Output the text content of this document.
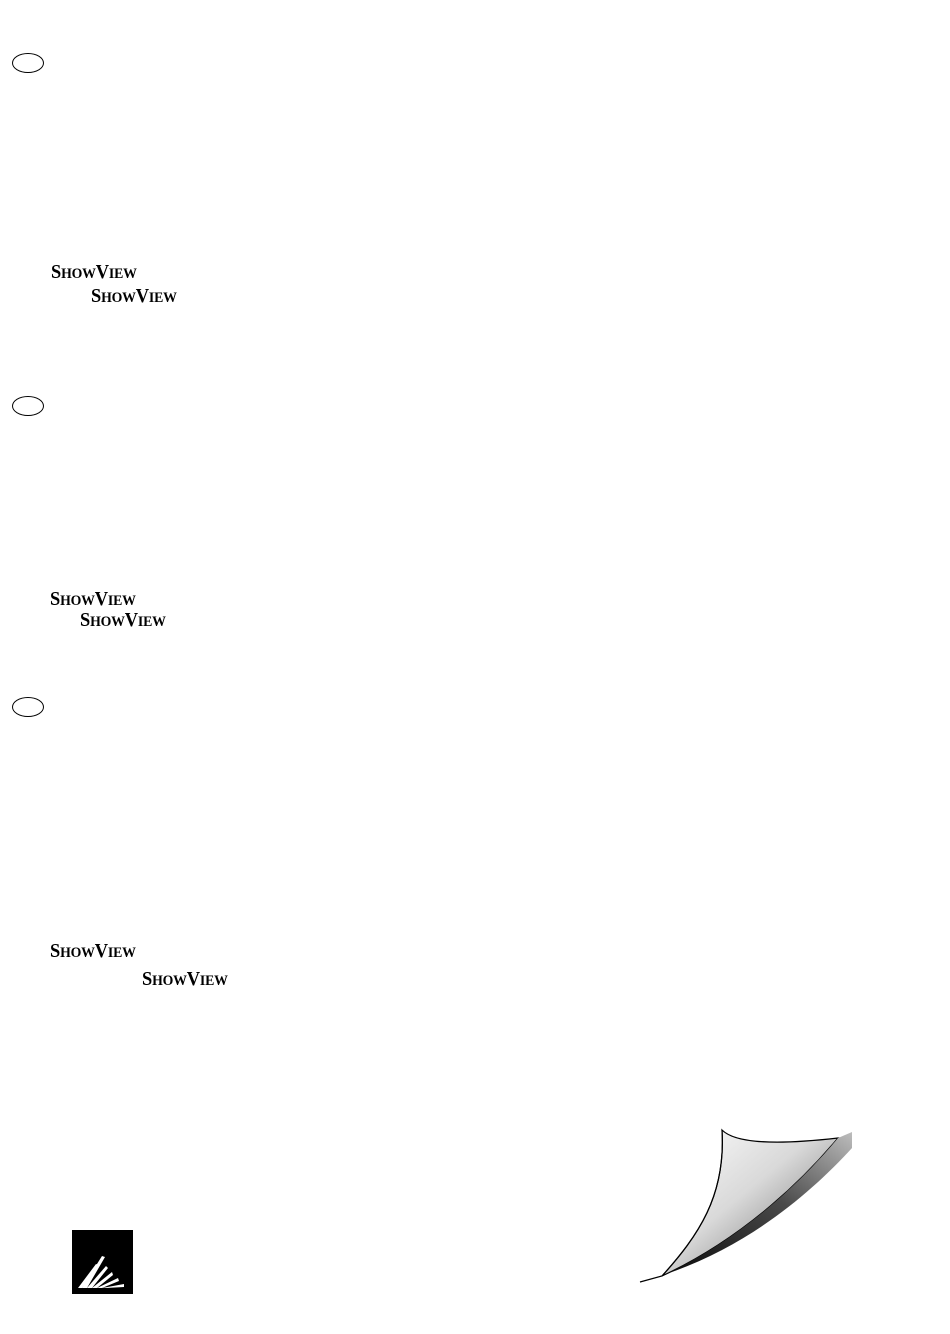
SHOWVIEW
SHOWVIEW
SHOWVIEW
SHOWVIEW
SHOWVIEW
SHOWVIEW
